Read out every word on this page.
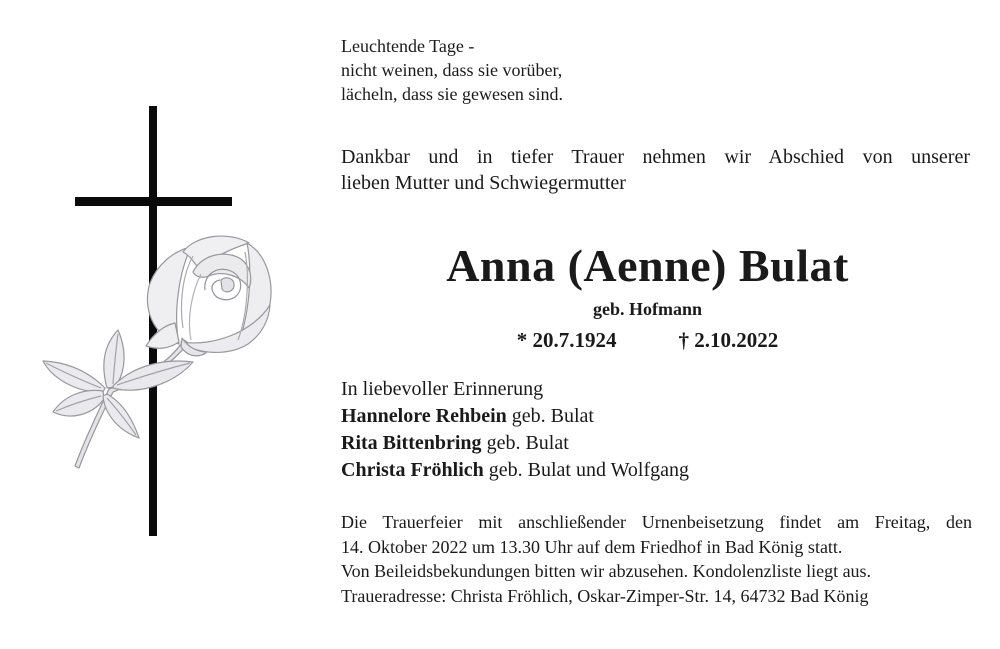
Leuchtende Tage -
nicht weinen, dass sie vorüber,
lächeln, dass sie gewesen sind.
Dankbar und in tiefer Trauer nehmen wir Abschied von unserer
lieben Mutter und Schwiegermutter
Anna (Aenne) Bulat
geb. Hofmann
* 20.7.1924	† 2.10.2022
In liebevoller Erinnerung
Hannelore Rehbein geb. Bulat
Rita Bittenbring geb. Bulat
Christa Fröhlich geb. Bulat und Wolfgang
Die Trauerfeier mit anschließender Urnenbeisetzung findet am Freitag, den
14. Oktober 2022 um 13.30 Uhr auf dem Friedhof in Bad König statt.
Von Beileidsbekundungen bitten wir abzusehen. Kondolenzliste liegt aus.
Traueradresse: Christa Fröhlich, Oskar-Zimper-Str. 14, 64732 Bad König
